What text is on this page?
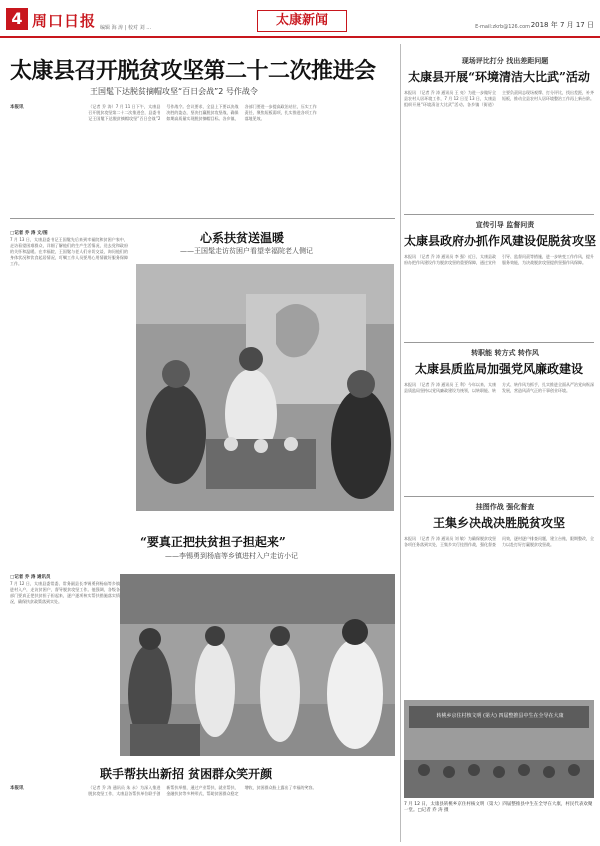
4 周口日报 编辑 海 涛 | 校对 刘 …	太康新闻	E-mail:zkrb@126.com 2018 年 7 月 17 日
太康县召开脱贫攻坚第二十二次推进会
王国髦下达脱贫摘帽攻坚“百日会战”2 号作战令
本报讯	（记者 乔 涛）7 月 11 日下午，太康县召开脱贫攻坚第二十二次推进会，县委书记王国髦下达脱贫摘帽攻坚“百日会战”2 号作战令。会议要求，全县上下要以决战决胜的姿态，坚决打赢脱贫攻坚战，确保如期高质量实现脱贫摘帽目标。各乡镇、各部门要进一步提高政治站位，压实工作责任，聚焦短板弱项，扎实推进各项工作落地见效。
心系扶贫送温暖
——王国髦走访贫困户看望幸福院老人侧记
□记者 乔 涛 文/图
7 月 13 日，太康县委书记王国髦先后来到幸福院和贫困户家中，走访看望困难群众，详细了解他们的生产生活情况，送去党和政府的关怀和温暖。在幸福院，王国髦与老人们亲切交谈，询问他们的身体状况和饮食起居情况，叮嘱工作人员要用心用情做好服务保障工作。
“要真正把扶贫担子担起来”
——李锡勇到杨庙等乡镇进村入户走访小记
□记者 乔 涛 通讯员
7 月 12 日，太康县委常委、常务副县长李锡勇到杨庙等乡镇进村入户，走访贫困户，督导脱贫攻坚工作。他强调，各级各部门要真正把扶贫担子担起来，逐户逐项核实帮扶措施落实情况，确保扶贫政策落到实处。
联手帮扶出新招 贫困群众笑开颜
本报讯	（记者 乔 涛 通讯员 朱 永）为深入推进脱贫攻坚工作，太康县各帮扶单位联手创新帮扶举措，通过产业帮扶、就业帮扶、金融扶贫等多种形式，帮助贫困群众稳定增收，贫困群众脸上露出了幸福的笑容。
现场评比打分 找出差距问题
太康县开展“环境清洁大比武”活动
本报讯 （记者 乔 涛 通讯员 王 亮）为进一步做好全县农村人居环境工作，7 月 12 日至 13 日，太康县组织开展“环境清洁大比武”活动。各乡镇（街道）主要负责同志现场观摩、打分评比，找出差距，补齐短板，推动全县农村人居环境整治工作再上新台阶。
宣传引导 监督问责
太康县政府办抓作风建设促脱贫攻坚
本报讯 （记者 乔 涛 通讯员 李 强）近日，太康县政府办把作风建设作为脱贫攻坚的重要保障，通过宣传引导、监督问责等措施，进一步转变工作作风，提升服务效能，为决战脱贫攻坚提供坚强作风保障。
转职能 转方式 转作风
太康县质监局加强党风廉政建设
本报讯 （记者 乔 涛 通讯员 王 利）今年以来，太康县质监局坚持以党风廉政建设为统领，以转职能、转方式、转作风为抓手，扎实推进全面从严治党向纵深发展，营造风清气正的干事创业环境。
挂图作战 强化督查
王集乡决战决胜脱贫攻坚
本报讯 （记者 乔 涛 通讯员 刘 敏）为确保脱贫攻坚各项任务落到实处，王集乡实行挂图作战，强化督查问效，逐村逐户排查问题，建立台账，限期整改，全力以赴打好打赢脱贫攻坚战。
转桃乡京住村核文明 (第大) 四届整推县中生在全导在大康
7 月 12 日，太康县转桃乡京住村核文明（第大）四届整推县中生在全导在大康，村民代表欢聚一堂。□记者 乔 涛 摄
